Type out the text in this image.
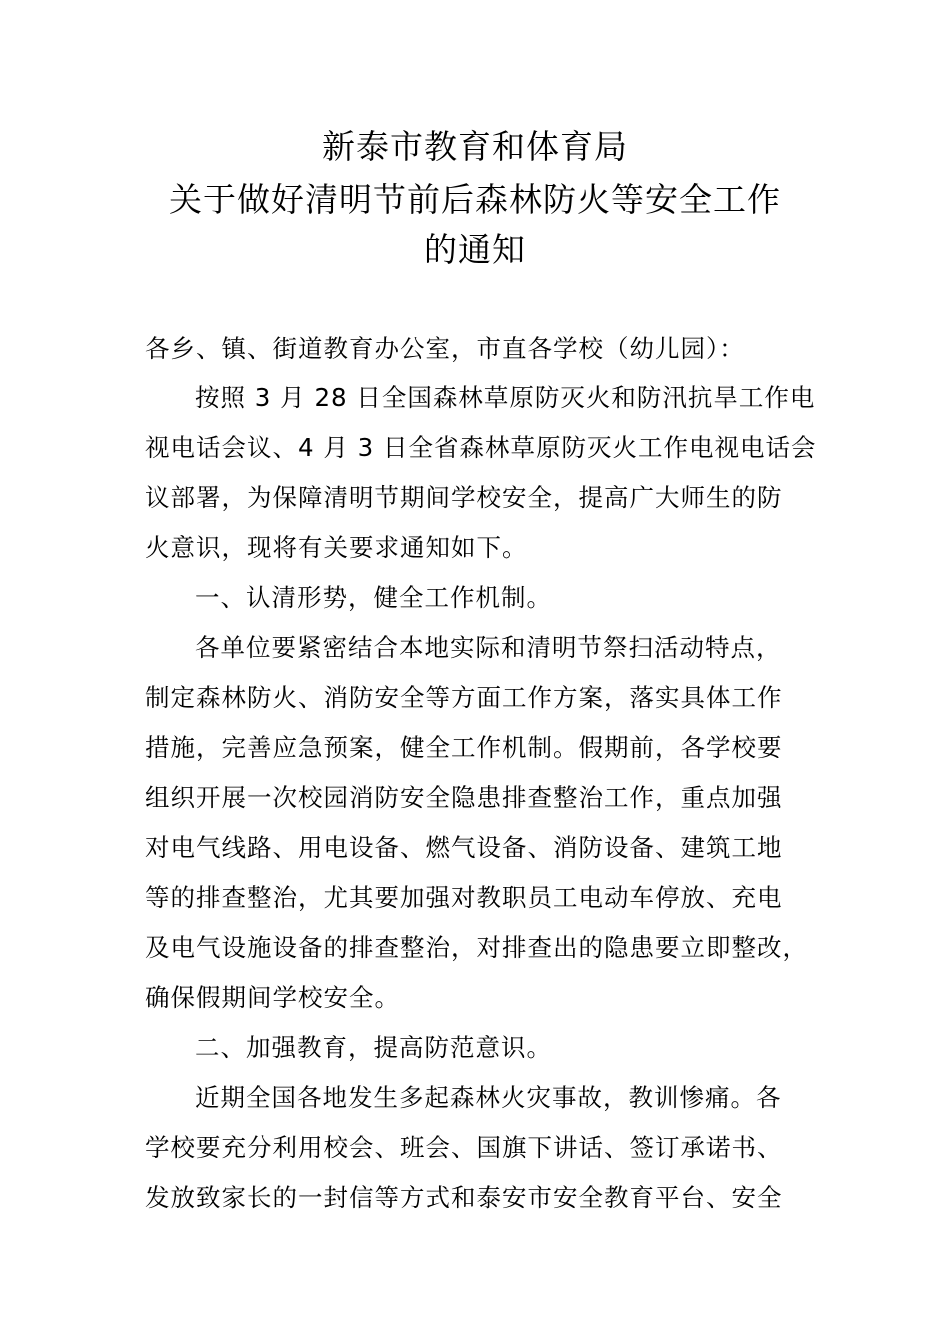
新泰市教育和体育局
关于做好清明节前后森林防火等安全工作
的通知
各乡、镇、街道教育办公室，市直各学校（幼儿园）：
按照 3 月 28 日全国森林草原防灭火和防汛抗旱工作电
视电话会议、4 月 3 日全省森林草原防灭火工作电视电话会
议部署，为保障清明节期间学校安全，提高广大师生的防
火意识，现将有关要求通知如下。
一、认清形势，健全工作机制。
各单位要紧密结合本地实际和清明节祭扫活动特点，
制定森林防火、消防安全等方面工作方案，落实具体工作
措施，完善应急预案，健全工作机制。假期前，各学校要
组织开展一次校园消防安全隐患排查整治工作，重点加强
对电气线路、用电设备、燃气设备、消防设备、建筑工地
等的排查整治，尤其要加强对教职员工电动车停放、充电
及电气设施设备的排查整治，对排查出的隐患要立即整改，
确保假期间学校安全。
二、加强教育，提高防范意识。
近期全国各地发生多起森林火灾事故，教训惨痛。各
学校要充分利用校会、班会、国旗下讲话、签订承诺书、
发放致家长的一封信等方式和泰安市安全教育平台、安全
